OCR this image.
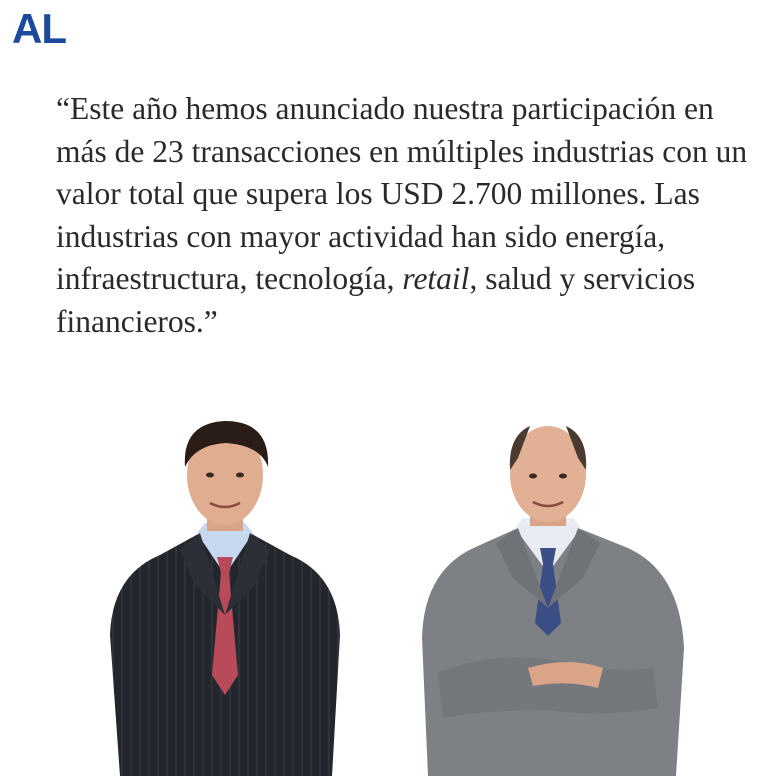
AL

“Este año hemos anunciado nuestra participación en más de 23 transacciones en múltiples industrias con un valor total que supera los USD 2.700 millones. Las industrias con mayor actividad han sido energía, infraestructura, tecnología, retail, salud y servicios financieros.”
